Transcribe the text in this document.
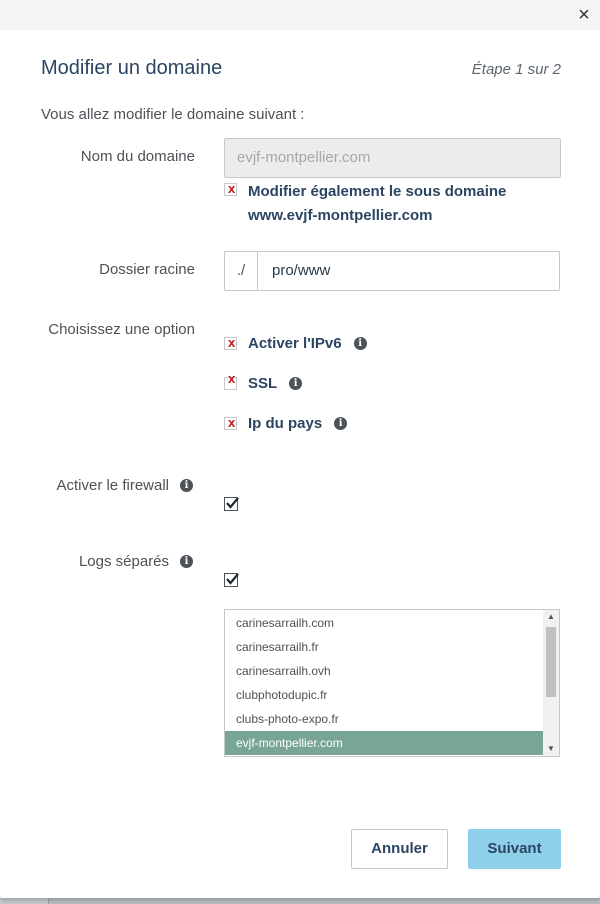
×
Modifier un domaine	Étape 1 sur 2
Vous allez modifier le domaine suivant :
Nom du domaine	evjf-montpellier.com
x Modifier également le sous domaine
www.evjf-montpellier.com
Dossier racine	./	pro/www
Choisissez une option
x Activer l'IPv6	i
x SSL	i
x Ip du pays	i
Activer le firewall	i
Logs séparés	i
carinesarrailh.com
carinesarrailh.fr
carinesarrailh.ovh
clubphotodupic.fr
clubs-photo-expo.fr
evjf-montpellier.com
▲
▼
Annuler	Suivant
